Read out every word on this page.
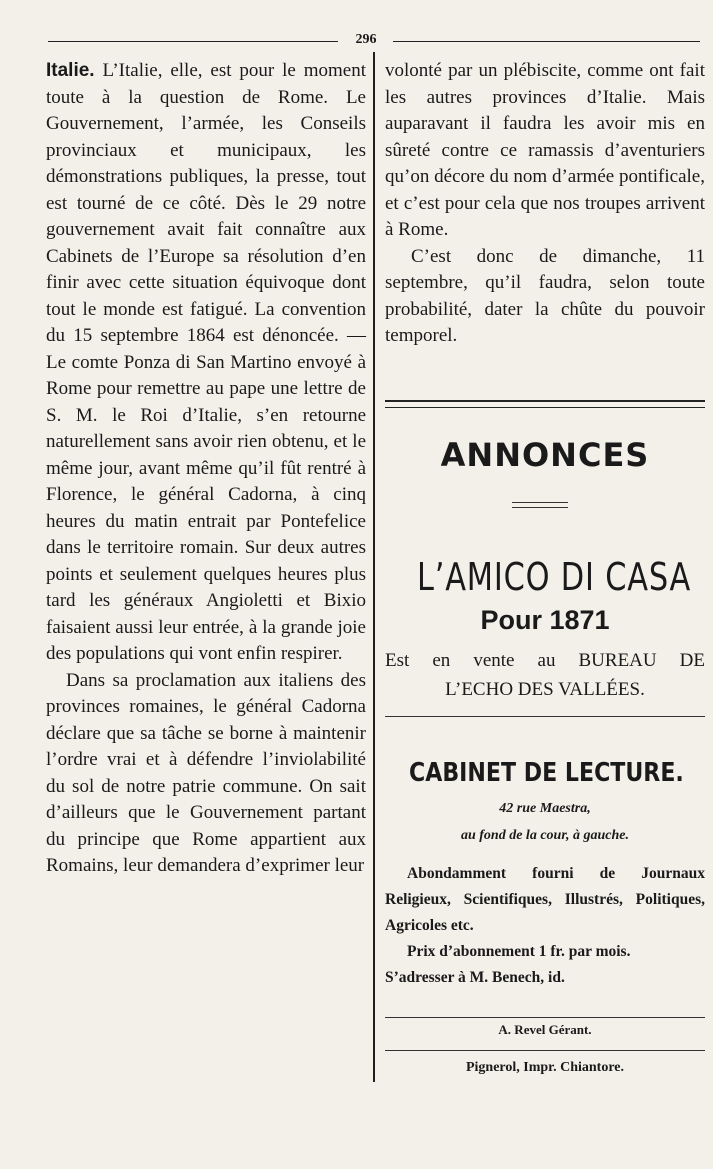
296

Italie. L’Italie, elle, est pour le moment toute à la question de Rome. Le Gouvernement, l’armée, les Conseils provinciaux et municipaux, les démonstrations publiques, la presse, tout est tourné de ce côté. Dès le 29 notre gouvernement avait fait connaître aux Cabinets de l’Europe sa résolution d’en finir avec cette situation équivoque dont tout le monde est fatigué. La convention du 15 septembre 1864 est dénoncée. — Le comte Ponza di San Martino envoyé à Rome pour remettre au pape une lettre de S. M. le Roi d’Italie, s’en retourne naturellement sans avoir rien obtenu, et le même jour, avant même qu’il fût rentré à Florence, le général Cadorna, à cinq heures du matin entrait par Pontefelice dans le territoire romain. Sur deux autres points et seulement quelques heures plus tard les généraux Angioletti et Bixio faisaient aussi leur entrée, à la grande joie des populations qui vont enfin respirer.

Dans sa proclamation aux italiens des provinces romaines, le général Cadorna déclare que sa tâche se borne à maintenir l’ordre vrai et à défendre l’inviolabilité du sol de notre patrie commune. On sait d’ailleurs que le Gouvernement partant du principe que Rome appartient aux Romains, leur demandera d’exprimer leur

volonté par un plébiscite, comme ont fait les autres provinces d’Italie. Mais auparavant il faudra les avoir mis en sûreté contre ce ramassis d’aventuriers qu’on décore du nom d’armée pontificale, et c’est pour cela que nos troupes arrivent à Rome.

C’est donc de dimanche, 11 septembre, qu’il faudra, selon toute probabilité, dater la chûte du pouvoir temporel.

ANNONCES
L’AMICO DI CASA
Pour 1871
Est en vente au BUREAU DE
L’ECHO DES VALLÉES.
CABINET DE LECTURE.
42 rue Maestra,
au fond de la cour, à gauche.

Abondamment fourni de Journaux Religieux, Scientifiques, Illustrés, Politiques, Agricoles etc.

Prix d’abonnement 1 fr. par mois.

S’adresser à M. Benech, id.

A. Revel Gérant.
Pignerol, Impr. Chiantore.
